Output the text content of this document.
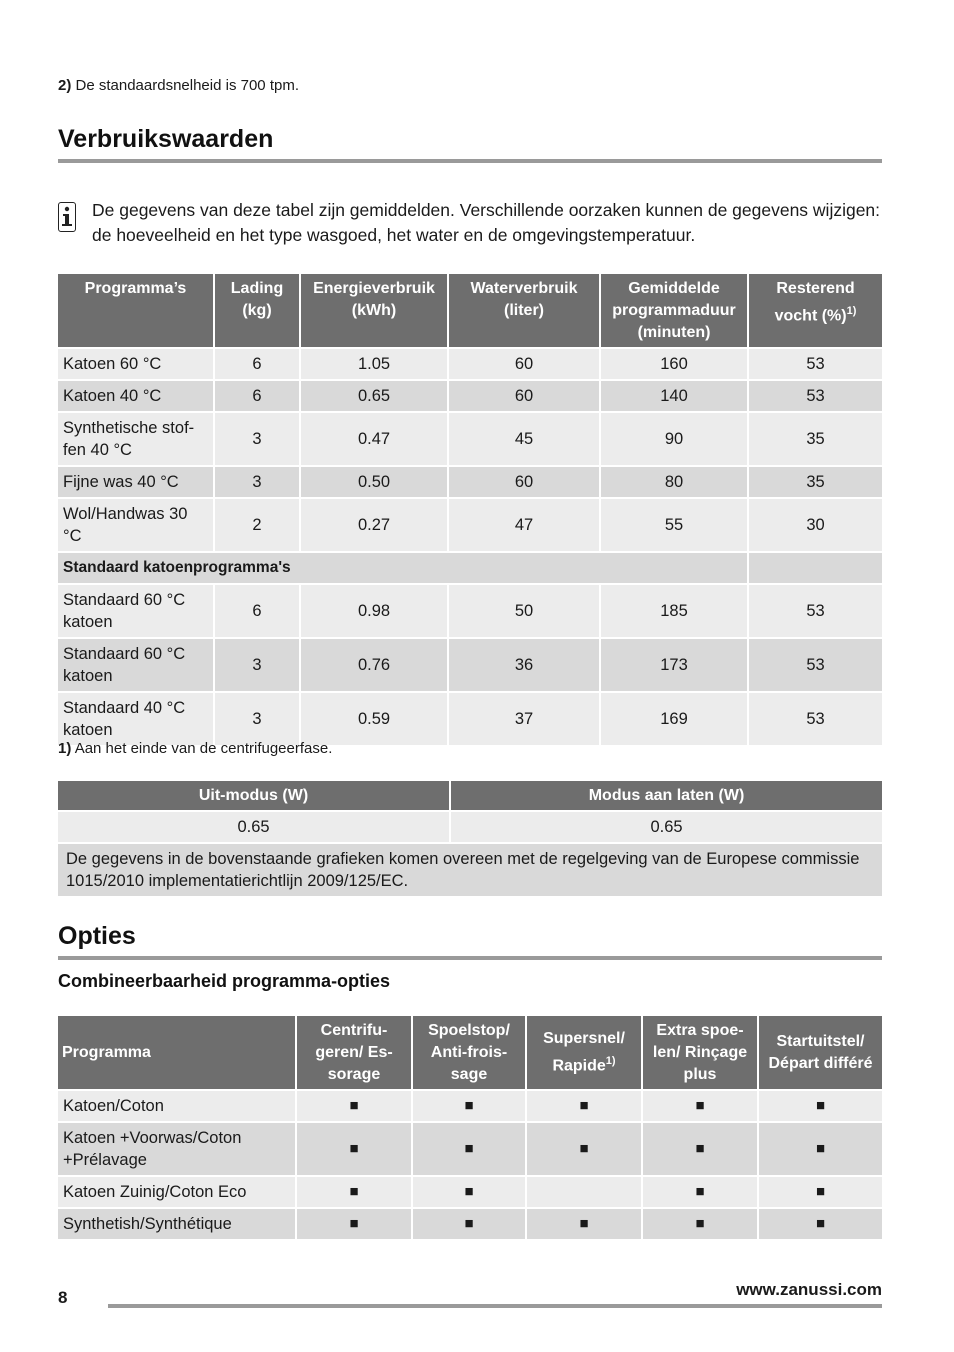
2) De standaardsnelheid is 700 tpm.
Verbruikswaarden
De gegevens van deze tabel zijn gemiddelden. Verschillende oorzaken kunnen de gegevens wijzigen: de hoeveelheid en het type wasgoed, het water en de omgevingstemperatuur.
Programma’s	Lading (kg)	Energieverbruik (kWh)	Waterverbruik (liter)	Gemiddelde programmaduur (minuten)	Resterend vocht (%)$^{1)}$
Katoen 60 °C	6	1.05	60	160	53
Katoen 40 °C	6	0.65	60	140	53
Synthetische stoffen 40 °C	3	0.47	45	90	35
Fijne was 40 °C	3	0.50	60	80	35
Wol/Handwas 30 °C	2	0.27	47	55	30
Standaard katoenprogramma's					
Standaard 60 °C katoen	6	0.98	50	185	53
Standaard 60 °C katoen	3	0.76	36	173	53
Standaard 40 °C katoen	3	0.59	37	169	53
1) Aan het einde van de centrifugeerfase.
Uit-modus (W)	Modus aan laten (W)
0.65	0.65
De gegevens in de bovenstaande grafieken komen overeen met de regelgeving van de Europese commissie 1015/2010 implementatierichtlijn 2009/125/EC.	
Opties
Combineerbaarheid programma-opties
Programma	Centrifugeren/ Essorage	Spoelstop/ Anti-froissage	Supersnel/ Rapide$^{1)}$	Extra spoelen/ Rinçage plus	Startuitstel/ Départ différé
Katoen/Coton	■	■	■	■	■
Katoen +Voorwas/Coton +Prélavage	■	■	■	■	■
Katoen Zuinig/Coton Eco	■	■		■	■
Synthetish/Synthétique	■	■	■	■	■
8	www.zanussi.com
